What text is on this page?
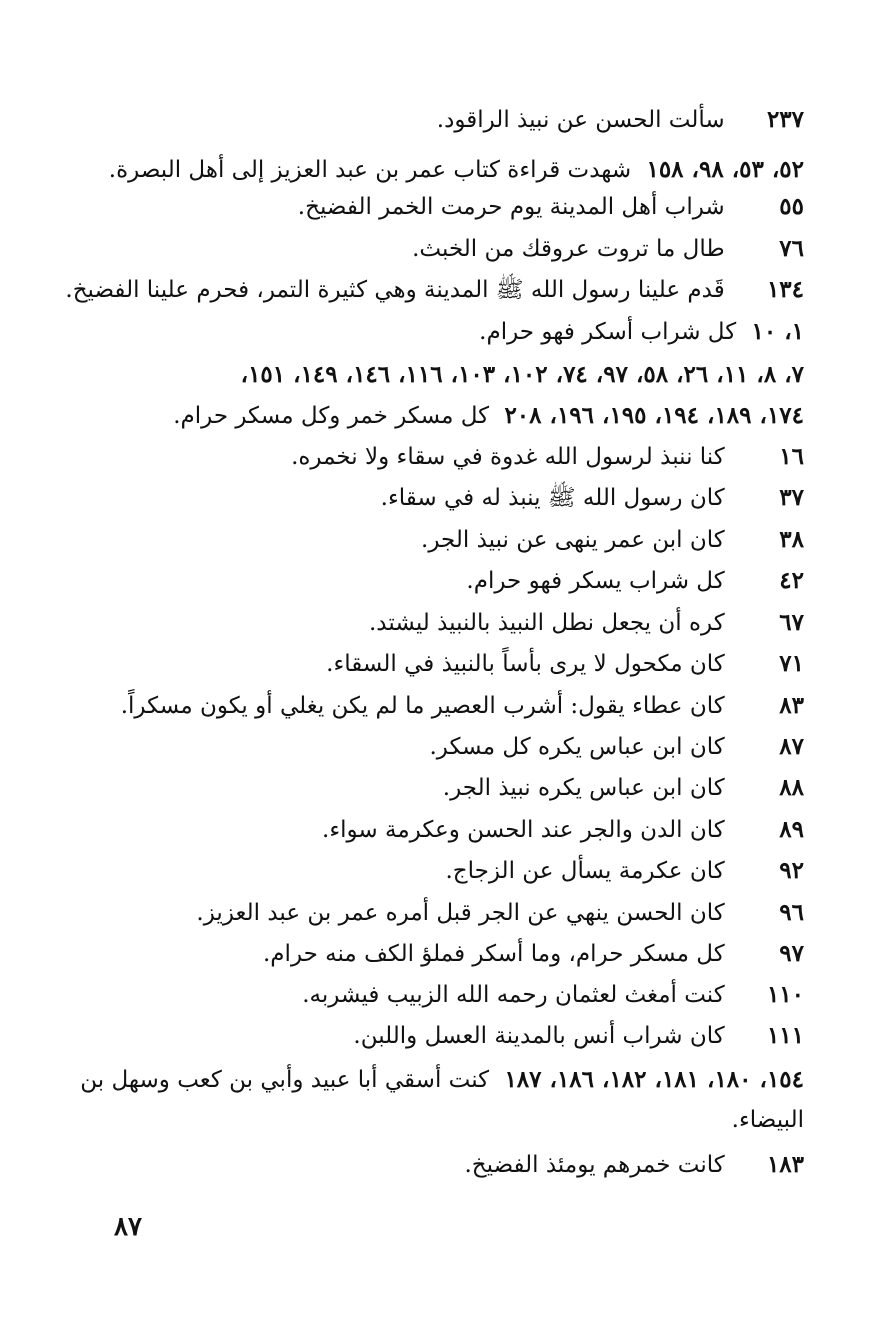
٢٣٧ سألت الحسن عن نبيذ الراقود.
٥٢، ٥٣، ٩٨، ١٥٨ شهدت قراءة كتاب عمر بن عبد العزيز إلى أهل البصرة.
٥٥ شراب أهل المدينة يوم حرمت الخمر الفضيخ.
٧٦ طال ما تروت عروقك من الخبث.
١٣٤ قَدم علينا رسول الله ﷺ المدينة وهي كثيرة التمر، فحرم علينا الفضيخ.
١، ١٠ كل شراب أسكر فهو حرام.
٧، ٨، ١١، ٢٦، ٥٨، ٩٧، ٧٤، ١٠٢، ١٠٣، ١١٦، ١٤٦، ١٤٩، ١٥١،
١٧٤، ١٨٩، ١٩٤، ١٩٥، ١٩٦، ٢٠٨ كل مسكر خمر وكل مسكر حرام.
١٦ كنا ننبذ لرسول الله غدوة في سقاء ولا نخمره.
٣٧ كان رسول الله ﷺ ينبذ له في سقاء.
٣٨ كان ابن عمر ينهى عن نبيذ الجر.
٤٢ كل شراب يسكر فهو حرام.
٦٧ كره أن يجعل نطل النبيذ بالنبيذ ليشتد.
٧١ كان مكحول لا يرى بأساً بالنبيذ في السقاء.
٨٣ كان عطاء يقول: أشرب العصير ما لم يكن يغلي أو يكون مسكراً.
٨٧ كان ابن عباس يكره كل مسكر.
٨٨ كان ابن عباس يكره نبيذ الجر.
٨٩ كان الدن والجر عند الحسن وعكرمة سواء.
٩٢ كان عكرمة يسأل عن الزجاج.
٩٦ كان الحسن ينهي عن الجر قبل أمره عمر بن عبد العزيز.
٩٧ كل مسكر حرام، وما أسكر فملؤ الكف منه حرام.
١١٠ كنت أمغث لعثمان رحمه الله الزبيب فيشربه.
١١١ كان شراب أنس بالمدينة العسل واللبن.
١٥٤، ١٨٠، ١٨١، ١٨٢، ١٨٦، ١٨٧ كنت أسقي أبا عبيد وأبي بن كعب وسهل بن البيضاء.
١٨٣ كانت خمرهم يومئذ الفضيخ.
٨٧
